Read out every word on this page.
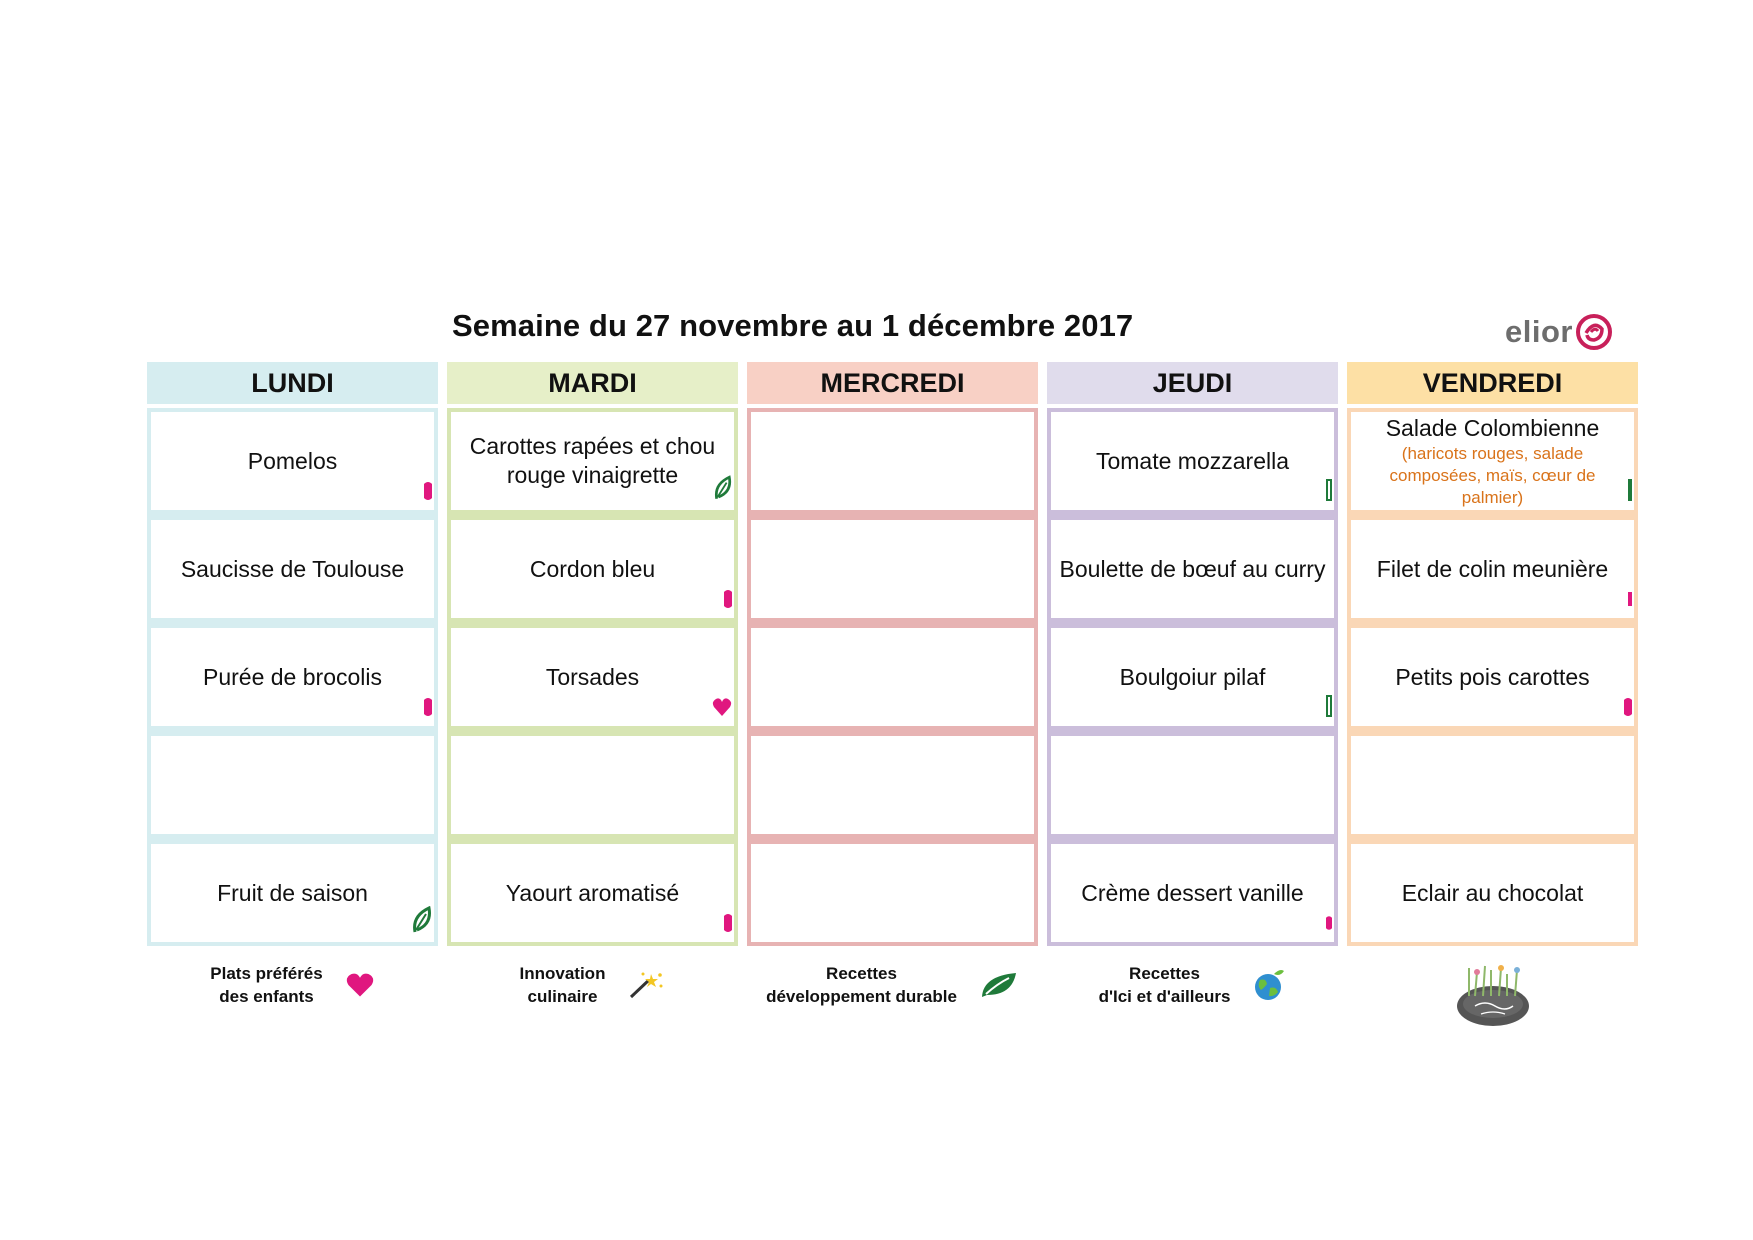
Semaine du 27 novembre au 1 décembre 2017	elior
LUNDI
Pomelos
Saucisse de Toulouse
Purée de brocolis
Fruit de saison
MARDI
Carottes rapées et chou rouge vinaigrette
Cordon bleu
Torsades
Yaourt aromatisé
MERCREDI	JEUDI
Tomate mozzarella
Boulette de bœuf au curry
Boulgoiur pilaf
Crème dessert vanille
VENDREDI
Salade Colombienne
(haricots rouges, salade composées, maïs, cœur de palmier)
Filet de colin meunière
Petits pois carottes
Eclair au chocolat
Plats préférés
des enfants
Innovation
culinaire
Recettes
développement durable
Recettes
d'Ici et d'ailleurs
